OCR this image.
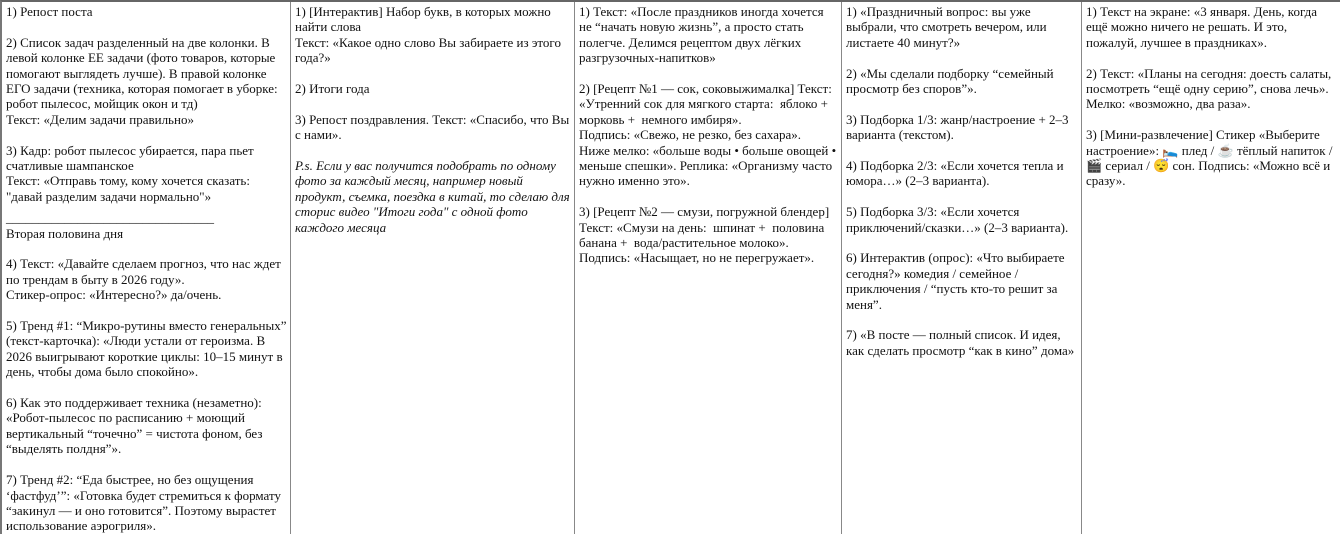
1) Репост поста

2) Список задач разделенный на две колонки. В левой колонке ЕЕ задачи (фото товаров, которые помогают выглядеть лучше). В правой колонке ЕГО задачи (техника, которая помогает в уборке: робот пылесос, мойщик окон и тд)
Текст: «Делим задачи правильно»

3) Кадр: робот пылесос убирается, пара пьет счатливые шампанское
Текст: «Отправь тому, кому хочется сказать: "давай разделим задачи нормально"»

________________________________

Вторая половина дня

4) Текст: «Давайте сделаем прогноз, что нас ждет по трендам в быту в 2026 году».
Стикер-опрос: «Интересно?» да/очень.

5) Тренд #1: “Микро-рутины вместо генеральных” (текст-карточка): «Люди устали от героизма. В 2026 выигрывают короткие циклы: 10–15 минут в день, чтобы дома было спокойно».

6) Как это поддерживает техника (незаметно): «Робот-пылесос по расписанию + моющий вертикальный “точечно” = чистота фоном, без “выделять полдня”».

7) Тренд #2: “Еда быстрее, но без ощущения ‘фастфуд’”: «Готовка будет стремиться к формату “закинул — и оно готовится”. Поэтому вырастет использование аэрогриля».

1) [Интерактив] Набор букв, в которых можно найти слова
Текст: «Какое одно слово Вы забираете из этого года?»

2) Итоги года

3) Репост поздравления. Текст: «Спасибо, что Вы с нами».

P.s. Если у вас получится подобрать по одному фото за каждый месяц, например новый продукт, съемка, поездка в китай, то сделаю для сторис видео "Итоги года" с одной фото каждого месяца

1) Текст: «После праздников иногда хочется не “начать новую жизнь”, а просто стать полегче. Делимся рецептом двух лёгких разгрузочных-напитков»

2) [Рецепт №1 — сок, соковыжималка] Текст: «Утренний сок для мягкого старта:  яблоко + морковь +  немного имбиря».
Подпись: «Свежо, не резко, без сахара».
Ниже мелко: «больше воды • больше овощей • меньше спешки». Реплика: «Организму часто нужно именно это».

3) [Рецепт №2 — смузи, погружной блендер] Текст: «Смузи на день:  шпинат +  половина банана +  вода/растительное молоко».
Подпись: «Насыщает, но не перегружает».

1) «Праздничный вопрос: вы уже выбрали, что смотреть вечером, или листаете 40 минут?»

2) «Мы сделали подборку “семейный просмотр без споров”».

3) Подборка 1/3: жанр/настроение + 2–3 варианта (текстом).

4) Подборка 2/3: «Если хочется тепла и юмора…» (2–3 варианта).

5) Подборка 3/3: «Если хочется приключений/сказки…» (2–3 варианта).

6) Интерактив (опрос): «Что выбираете сегодня?» комедия / семейное / приключения / “пусть кто-то решит за меня”.

7) «В посте — полный список. И идея, как сделать просмотр “как в кино” дома»

1) Текст на экране: «3 января. День, когда ещё можно ничего не решать. И это, пожалуй, лучшее в праздниках».

2) Текст: «Планы на сегодня: доесть салаты, посмотреть “ещё одну серию”, снова лечь».
Мелко: «возможно, два раза».

3) [Мини-развлечение] Стикер «Выберите настроение»: 🛌 плед / ☕ тёплый напиток / 🎬 сериал / 😴 сон. Подпись: «Можно всё и сразу».
